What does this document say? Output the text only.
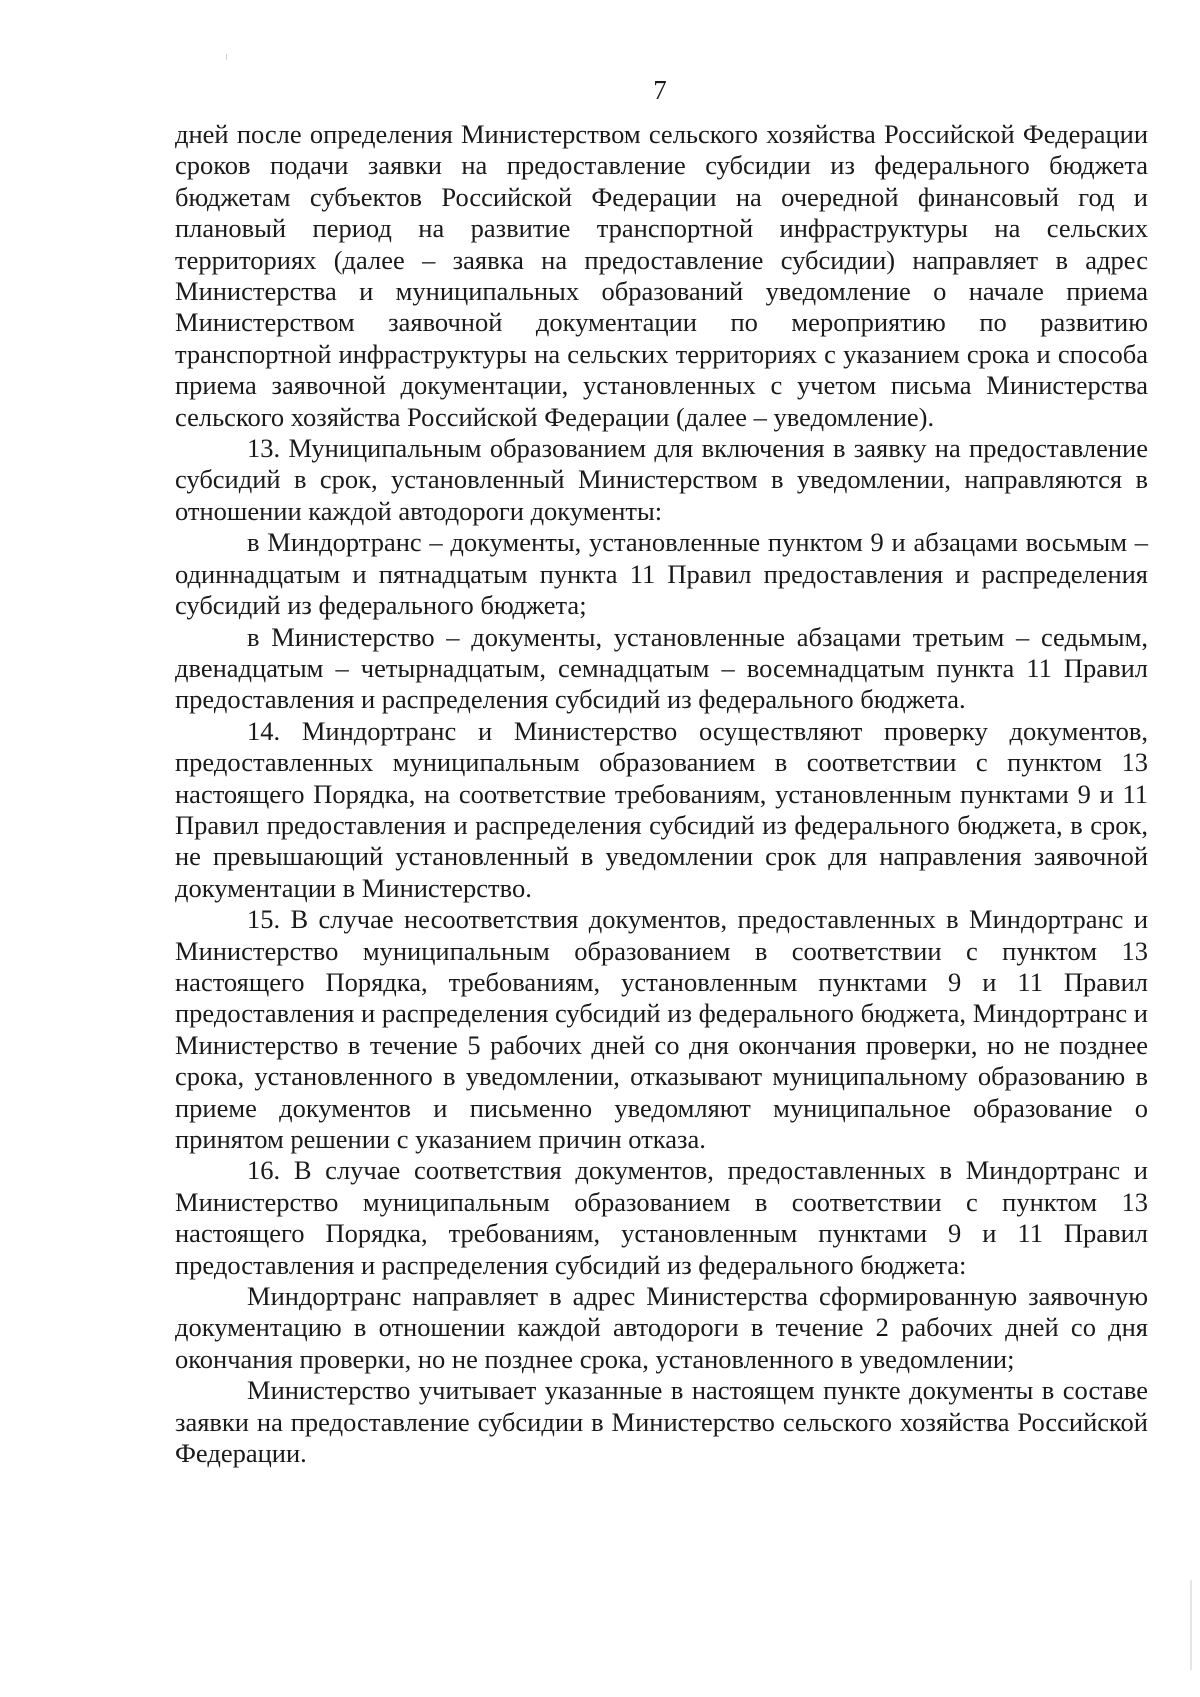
7

дней после определения Министерством сельского хозяйства Российской Федерации сроков подачи заявки на предоставление субсидии из федерального бюджета бюджетам субъектов Российской Федерации на очередной финансовый год и плановый период на развитие транспортной инфраструктуры на сельских территориях (далее – заявка на предоставление субсидии) направляет в адрес Министерства и муниципальных образований уведомление о начале приема Министерством заявочной документации по мероприятию по развитию транспортной инфраструктуры на сельских территориях с указанием срока и способа приема заявочной документации, установленных с учетом письма Министерства сельского хозяйства Российской Федерации (далее – уведомление).

13. Муниципальным образованием для включения в заявку на предоставление субсидий в срок, установленный Министерством в уведомлении, направляются в отношении каждой автодороги документы:

в Миндортранс – документы, установленные пунктом 9 и абзацами восьмым – одиннадцатым и пятнадцатым пункта 11 Правил предоставления и распределения субсидий из федерального бюджета;

в Министерство – документы, установленные абзацами третьим – седьмым, двенадцатым – четырнадцатым, семнадцатым – восемнадцатым пункта 11 Правил предоставления и распределения субсидий из федерального бюджета.

14. Миндортранс и Министерство осуществляют проверку документов, предоставленных муниципальным образованием в соответствии с пунктом 13 настоящего Порядка, на соответствие требованиям, установленным пунктами 9 и 11 Правил предоставления и распределения субсидий из федерального бюджета, в срок, не превышающий установленный в уведомлении срок для направления заявочной документации в Министерство.

15. В случае несоответствия документов, предоставленных в Миндортранс и Министерство муниципальным образованием в соответствии с пунктом 13 настоящего Порядка, требованиям, установленным пунктами 9 и 11 Правил предоставления и распределения субсидий из федерального бюджета, Миндортранс и Министерство в течение 5 рабочих дней со дня окончания проверки, но не позднее срока, установленного в уведомлении, отказывают муниципальному образованию в приеме документов и письменно уведомляют муниципальное образование о принятом решении с указанием причин отказа.

16. В случае соответствия документов, предоставленных в Миндортранс и Министерство муниципальным образованием в соответствии с пунктом 13 настоящего Порядка, требованиям, установленным пунктами 9 и 11 Правил предоставления и распределения субсидий из федерального бюджета:

Миндортранс направляет в адрес Министерства сформированную заявочную документацию в отношении каждой автодороги в течение 2 рабочих дней со дня окончания проверки, но не позднее срока, установленного в уведомлении;

Министерство учитывает указанные в настоящем пункте документы в составе заявки на предоставление субсидии в Министерство сельского хозяйства Российской Федерации.
